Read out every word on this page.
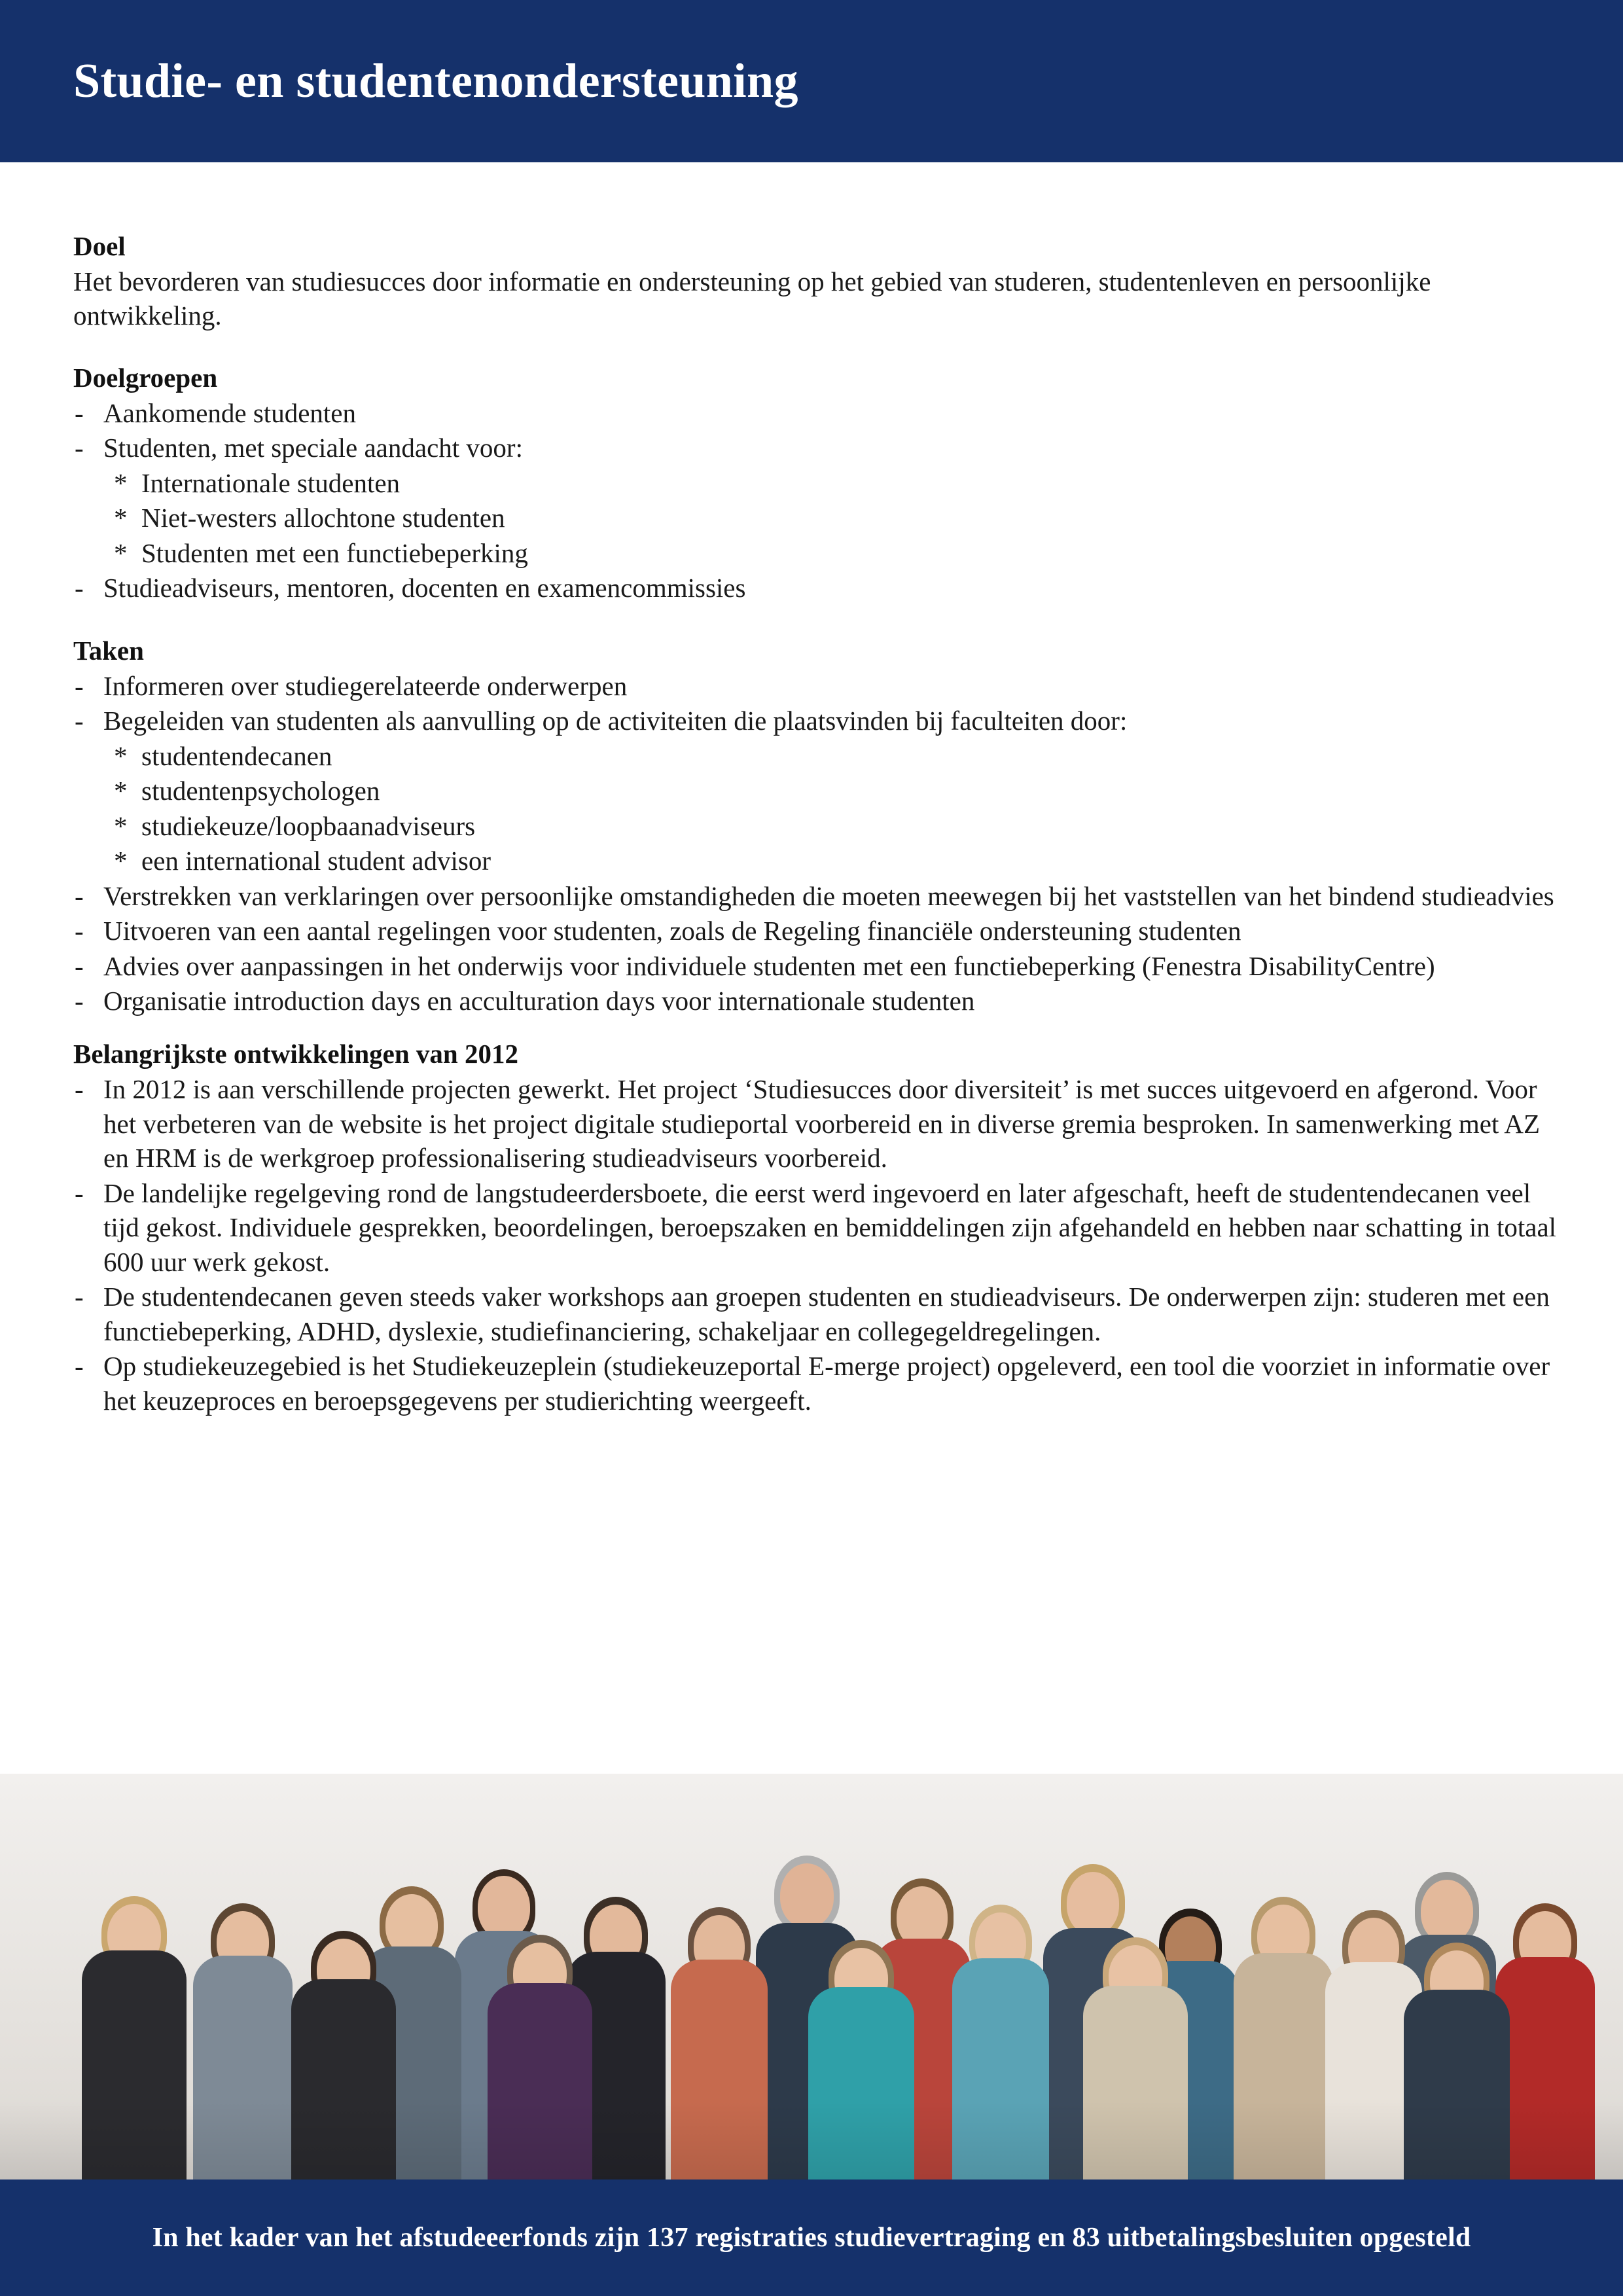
Studie- en studentenondersteuning
Doel

Het bevorderen van studiesucces door informatie en ondersteuning op het gebied van studeren, studentenleven en persoonlijke ontwikkeling.

Doelgroepen
- Aankomende studenten
- Studenten, met speciale aandacht voor:
* Internationale studenten
* Niet-westers allochtone studenten
* Studenten met een functiebeperking
- Studieadviseurs, mentoren, docenten en examencommissies
Taken
- Informeren over studiegerelateerde onderwerpen
- Begeleiden van studenten als aanvulling op de activiteiten die plaatsvinden bij faculteiten door:
* studentendecanen
* studentenpsychologen
* studiekeuze/loopbaanadviseurs
* een international student advisor
- Verstrekken van verklaringen over persoonlijke omstandigheden die moeten meewegen bij het vaststellen van het bindend studieadvies
- Uitvoeren van een aantal regelingen voor studenten, zoals de Regeling financiële ondersteuning studenten
- Advies over aanpassingen in het onderwijs voor individuele studenten met een functiebeperking (Fenestra DisabilityCentre)
- Organisatie introduction days en acculturation days voor internationale studenten
Belangrijkste ontwikkelingen van 2012
- In 2012 is aan verschillende projecten gewerkt. Het project ‘Studiesucces door diversiteit’ is met succes uitgevoerd en afgerond. Voor het verbeteren van de website is het project digitale studieportal voorbereid en in diverse gremia besproken. In samenwerking met AZ en HRM is de werkgroep professionalisering studieadviseurs voorbereid.
- De landelijke regelgeving rond de langstudeerdersboete, die eerst werd ingevoerd en later afgeschaft, heeft de studentendecanen veel tijd gekost. Individuele gesprekken, beoordelingen, beroepszaken en bemiddelingen zijn afgehandeld en hebben naar schatting in totaal 600 uur werk gekost.
- De studentendecanen geven steeds vaker workshops aan groepen studenten en studieadviseurs. De onderwerpen zijn: studeren met een functiebeperking, ADHD, dyslexie, studiefinanciering, schakeljaar en collegegeldregelingen.
- Op studiekeuzegebied is het Studiekeuzeplein (studiekeuzeportal E-merge project) opgeleverd, een tool die voorziet in informatie over het keuzeproces en beroepsgegevens per studierichting weergeeft.
In het kader van het afstudeeerfonds zijn 137 registraties studievertraging en 83 uitbetalingsbesluiten opgesteld
